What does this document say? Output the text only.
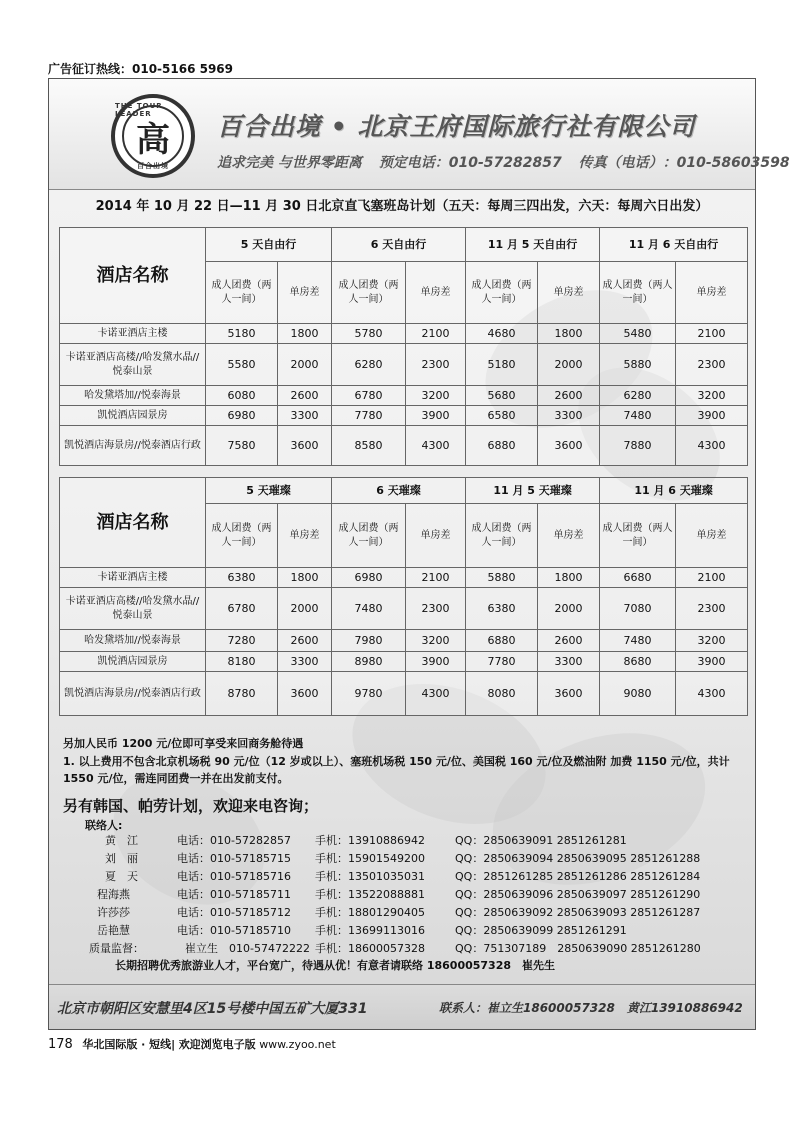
广告征订热线：010-5166 5969
THE TOUR LEADER
高
百合出境
百合出境 • 北京王府国际旅行社有限公司
追求完美 与世界零距离 预定电话：010-57282857 传真（电话）：010-58603598
2014 年 10 月 22 日—11 月 30 日北京直飞塞班岛计划（五天：每周三四出发，六天：每周六日出发）
酒店名称	5 天自由行		6 天自由行		11 月 5 天自由行		11 月 6 天自由行	
	成人团费（两人一间）	单房差	成人团费（两人一间）	单房差	成人团费（两人一间）	单房差	成人团费（两人一间）	单房差
卡诺亚酒店主楼	5180	1800	5780	2100	4680	1800	5480	2100
卡诺亚酒店高楼//哈发黛水晶//悦泰山景	5580	2000	6280	2300	5180	2000	5880	2300
哈发黛塔加//悦泰海景	6080	2600	6780	3200	5680	2600	6280	3200
凯悦酒店园景房	6980	3300	7780	3900	6580	3300	7480	3900
凯悦酒店海景房//悦泰酒店行政	7580	3600	8580	4300	6880	3600	7880	4300
酒店名称	5 天璀璨		6 天璀璨		11 月 5 天璀璨		11 月 6 天璀璨	
	成人团费（两人一间）	单房差	成人团费（两人一间）	单房差	成人团费（两人一间）	单房差	成人团费（两人一间）	单房差
卡诺亚酒店主楼	6380	1800	6980	2100	5880	1800	6680	2100
卡诺亚酒店高楼//哈发黛水晶//悦泰山景	6780	2000	7480	2300	6380	2000	7080	2300
哈发黛塔加//悦泰海景	7280	2600	7980	3200	6880	2600	7480	3200
凯悦酒店园景房	8180	3300	8980	3900	7780	3300	8680	3900
凯悦酒店海景房//悦泰酒店行政	8780	3600	9780	4300	8080	3600	9080	4300
另加人民币 1200 元/位即可享受来回商务舱待遇
1. 以上费用不包含北京机场税 90 元/位（12 岁或以上）、塞班机场税 150 元/位、美国税 160 元/位及燃油附 加费 1150 元/位，共计 1550 元/位，需连同团费一并在出发前支付。
另有韩国、帕劳计划，欢迎来电咨询；
联络人:
黄　江	电话：010-57282857 手机：13910886942	QQ：2850639091 2851261281
刘　丽	电话：010-57185715 手机：15901549200	QQ：2850639094 2850639095 2851261288
夏　天	电话：010-57185716 手机：13501035031	QQ：2851261285 2851261286 2851261284
程海燕	电话：010-57185711 手机：13522088881	QQ：2850639096 2850639097 2851261290
许莎莎	电话：010-57185712 手机：18801290405	QQ：2850639092 2850639093 2851261287
岳艳慧	电话：010-57185710 手机：13699113016	QQ：2850639099 2851261291
质量监督：	崔立生　010-57472222 手机：18600057328	QQ：751307189　2850639090 2851261280
长期招聘优秀旅游业人才，平台宽广，待遇从优！有意者请联络 18600057328　崔先生
北京市朝阳区安慧里4区15号楼中国五矿大厦331	联系人：崔立生18600057328　黄江13910886942
178 华北国际版 · 短线| 欢迎浏览电子版 www.zyoo.net
